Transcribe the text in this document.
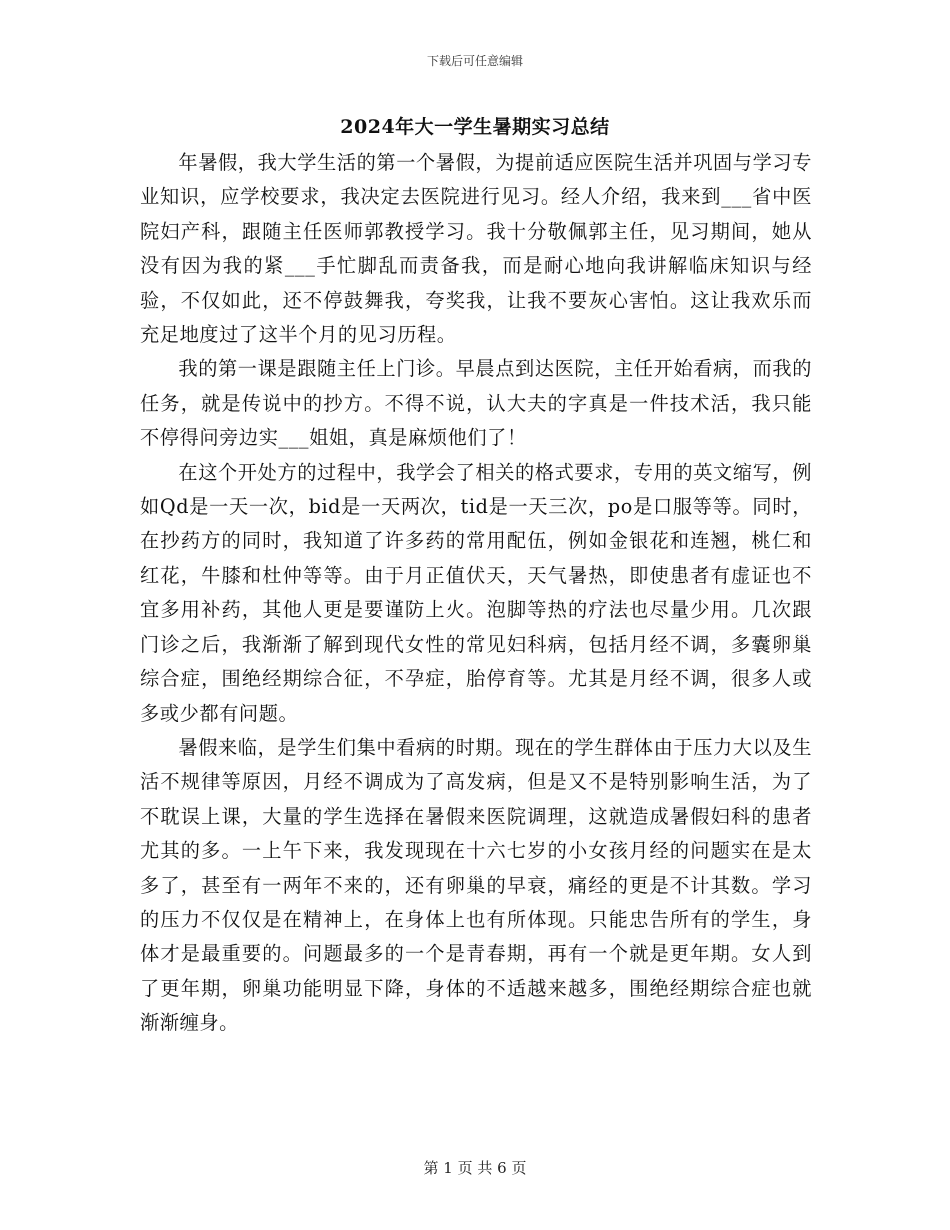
下载后可任意编辑
2024年大一学生暑期实习总结

年暑假，我大学生活的第一个暑假，为提前适应医院生活并巩固与学习专业知识，应学校要求，我决定去医院进行见习。经人介绍，我来到___省中医院妇产科，跟随主任医师郭教授学习。我十分敬佩郭主任，见习期间，她从没有因为我的紧___手忙脚乱而责备我，而是耐心地向我讲解临床知识与经验，不仅如此，还不停鼓舞我，夸奖我，让我不要灰心害怕。这让我欢乐而充足地度过了这半个月的见习历程。

我的第一课是跟随主任上门诊。早晨点到达医院，主任开始看病，而我的任务，就是传说中的抄方。不得不说，认大夫的字真是一件技术活，我只能不停得问旁边实___姐姐，真是麻烦他们了！

在这个开处方的过程中，我学会了相关的格式要求，专用的英文缩写，例如Qd是一天一次，bid是一天两次，tid是一天三次，po是口服等等。同时，在抄药方的同时，我知道了许多药的常用配伍，例如金银花和连翘，桃仁和红花，牛膝和杜仲等等。由于月正值伏天，天气暑热，即使患者有虚证也不宜多用补药，其他人更是要谨防上火。泡脚等热的疗法也尽量少用。几次跟门诊之后，我渐渐了解到现代女性的常见妇科病，包括月经不调，多囊卵巢综合症，围绝经期综合征，不孕症，胎停育等。尤其是月经不调，很多人或多或少都有问题。

暑假来临，是学生们集中看病的时期。现在的学生群体由于压力大以及生活不规律等原因，月经不调成为了高发病，但是又不是特别影响生活，为了不耽误上课，大量的学生选择在暑假来医院调理，这就造成暑假妇科的患者尤其的多。一上午下来，我发现现在十六七岁的小女孩月经的问题实在是太多了，甚至有一两年不来的，还有卵巢的早衰，痛经的更是不计其数。学习的压力不仅仅是在精神上，在身体上也有所体现。只能忠告所有的学生，身体才是最重要的。问题最多的一个是青春期，再有一个就是更年期。女人到了更年期，卵巢功能明显下降，身体的不适越来越多，围绝经期综合症也就渐渐缠身。

第 1 页 共 6 页
